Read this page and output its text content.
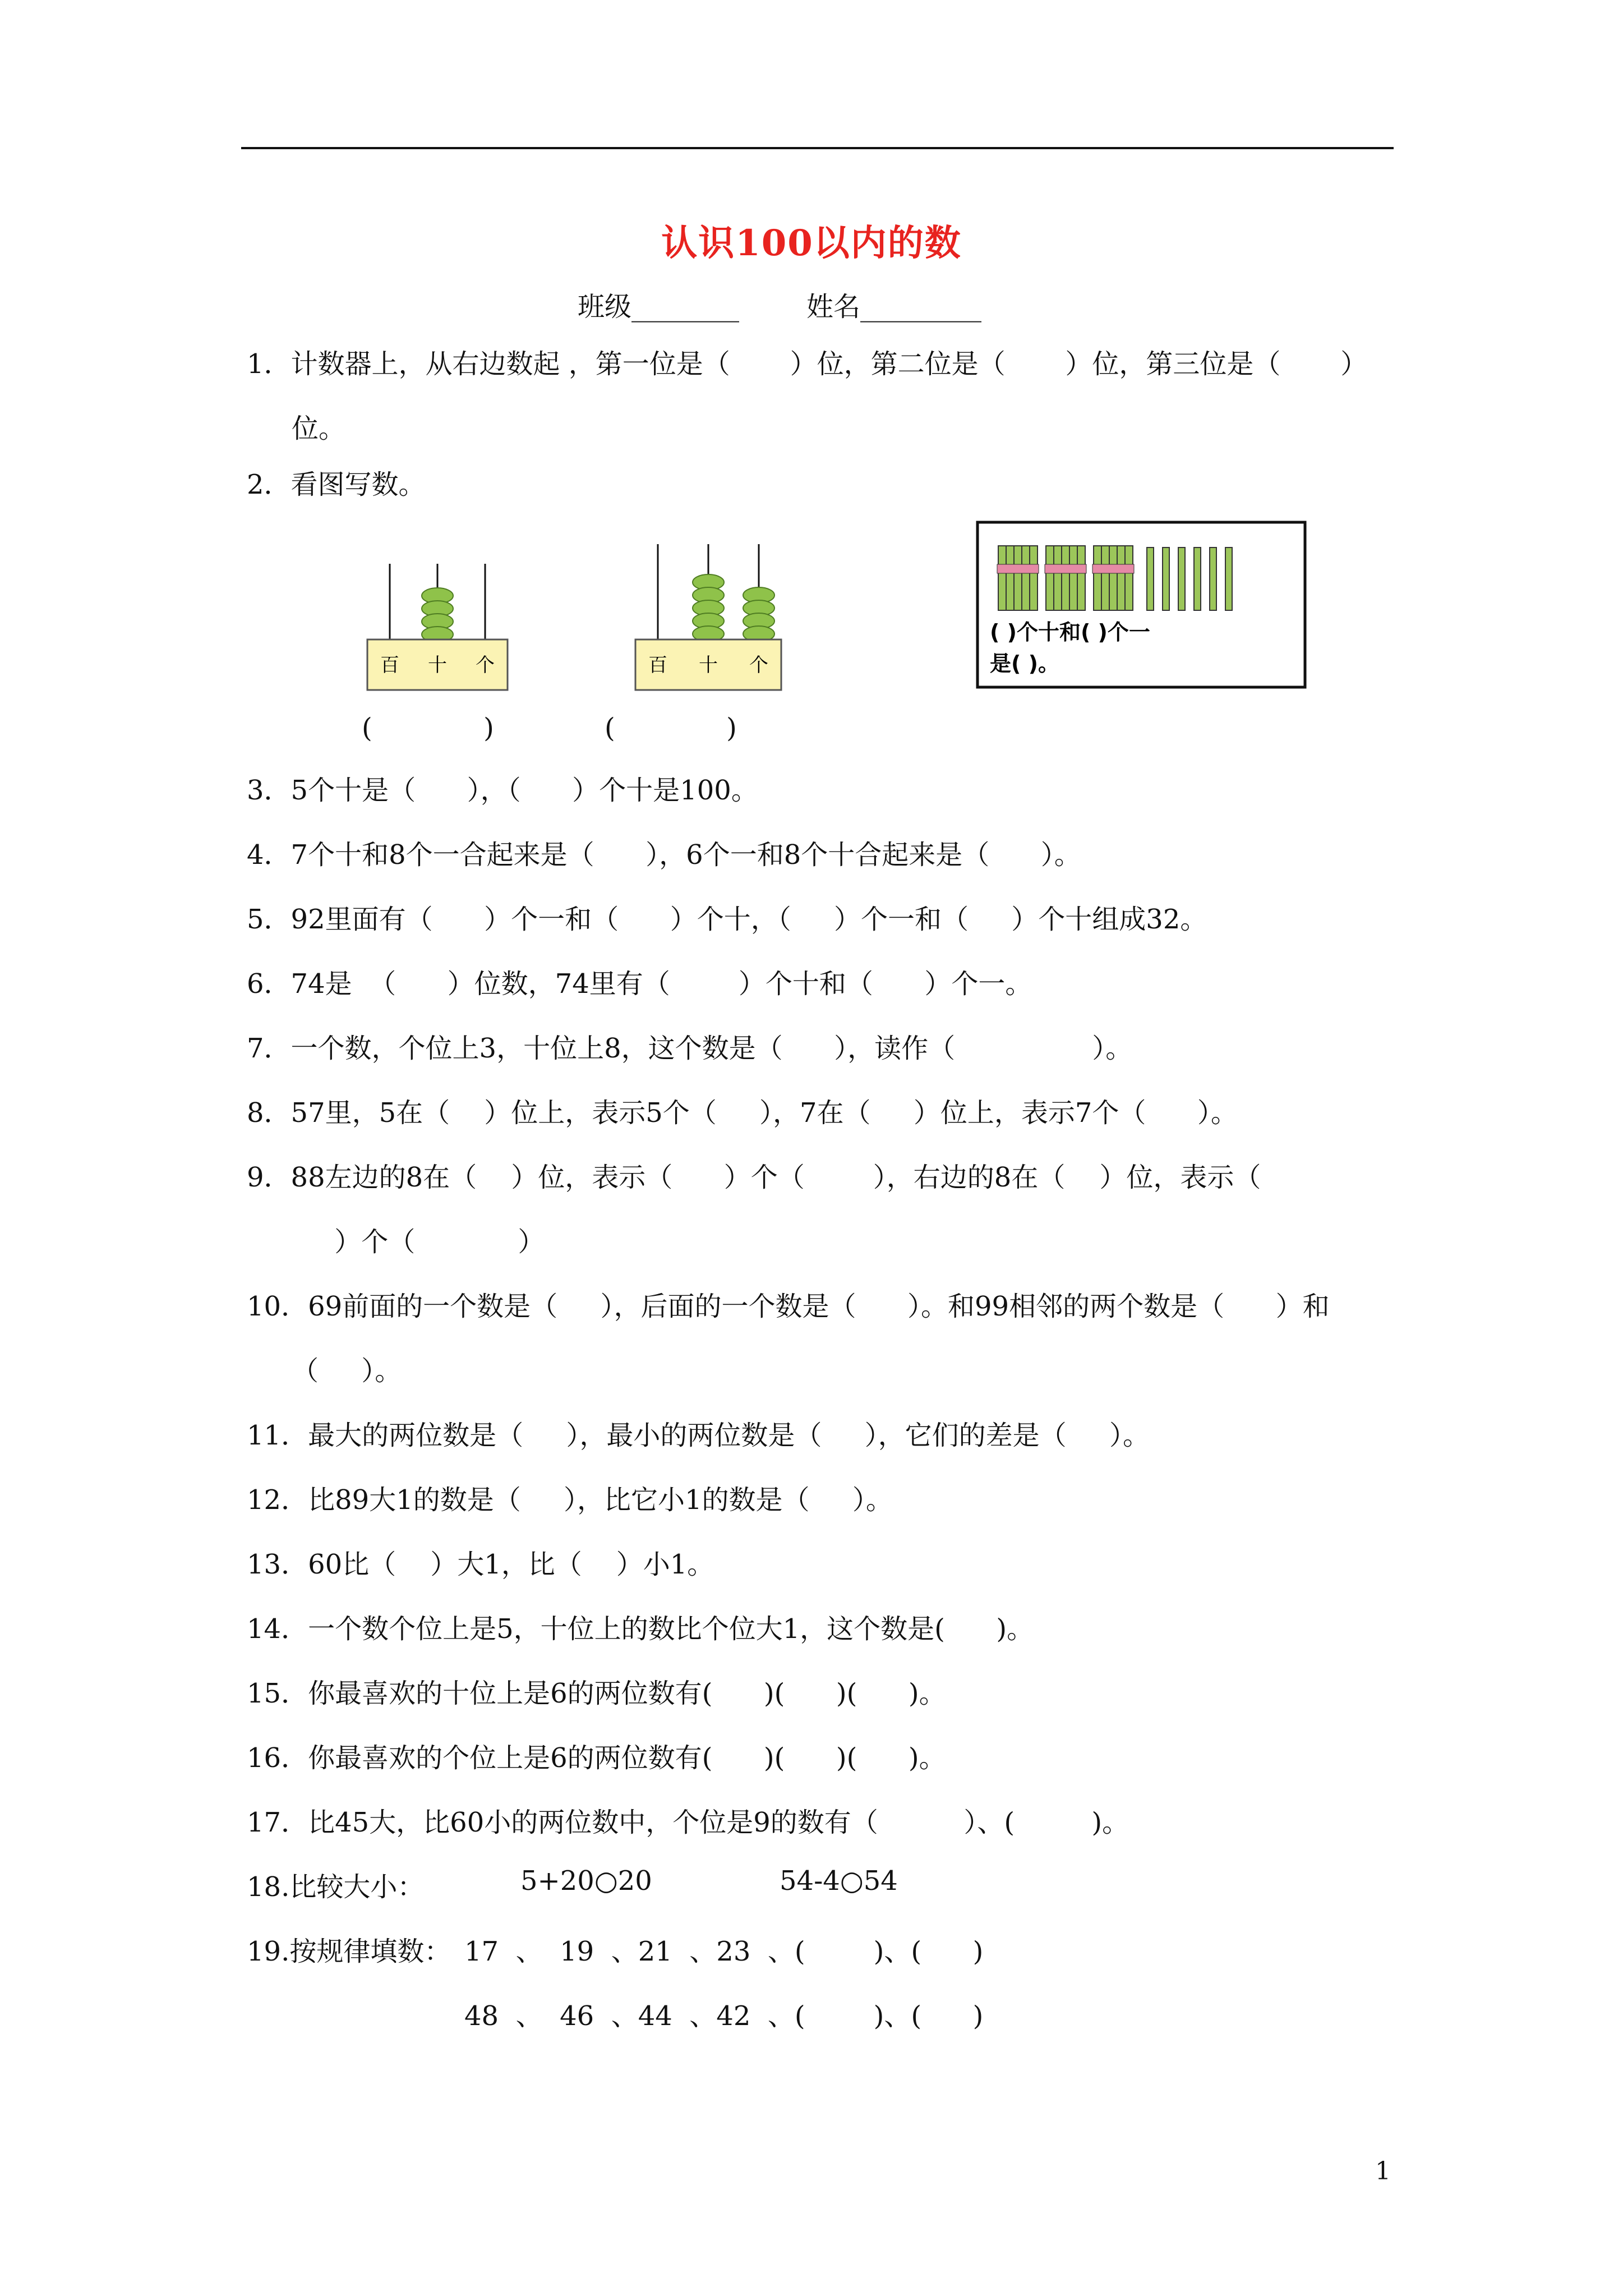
认识100以内的数
班级________ 姓名_________
1．计数器上，从右边数起 ，第一位是（       ）位，第二位是（       ）位，第三位是（       ）
位。
2．看图写数。
百 十 个	百 十 个
( )个十和( )个一
是( )。
(             )	(             )
3．5个十是（      ），（      ）个十是100。
4．7个十和8个一合起来是（      ），6个一和8个十合起来是（      ）。
5．92里面有（      ）个一和（      ）个十，（     ）个一和（     ）个十组成32。
6．74是  （      ）位数，74里有（        ）个十和（      ）个一。
7．一个数，个位上3，十位上8，这个数是（      ），读作（                ）。
8．57里，5在（    ）位上，表示5个（     ），7在（     ）位上，表示7个（      ）。
9．88左边的8在（    ）位，表示（      ）个（        ），右边的8在（    ）位，表示（
）个（            ）
10．69前面的一个数是（     ），后面的一个数是（      ）。和99相邻的两个数是（      ）和
（     ）。
11．最大的两位数是（     ），最小的两位数是（     ），它们的差是（     ）。
12．比89大1的数是（     ），比它小1的数是（     ）。
13．60比（    ）大1，比（    ）小1。
14．一个数个位上是5，十位上的数比个位大1，这个数是(      )。
15．你最喜欢的十位上是6的两位数有(      )(      )(      )。
16．你最喜欢的个位上是6的两位数有(      )(      )(      )。
17．比45大，比60小的两位数中，个位是9的数有（          ）、(         )。
18.比较大小：	5+20○20	54-4○54
19.按规律填数： 17  、  19  、21  、23  、(        )、(      )
48  、  46  、44  、42  、(        )、(      )
1
